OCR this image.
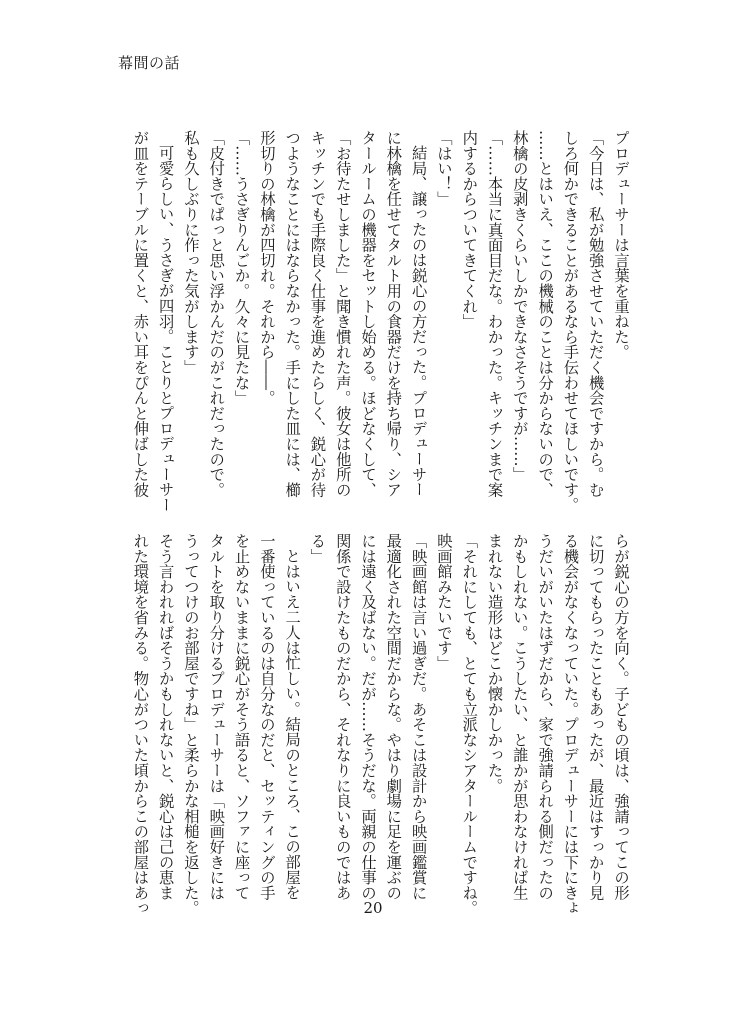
幕間の話
プロデューサーは言葉を重ねた。
「今日は、私が勉強させていただく機会ですから。む
しろ何かできることがあるなら手伝わせてほしいです。
……とはいえ、ここの機械のことは分からないので、
林檎の皮剥きくらいしかできなさそうですが……」
「……本当に真面目だな。わかった。キッチンまで案
内するからついてきてくれ」
「はい！」
結局、譲ったのは鋭心の方だった。プロデューサー
に林檎を任せてタルト用の食器だけを持ち帰り、シア
タールームの機器をセットし始める。ほどなくして、
「お待たせしました」と聞き慣れた声。彼女は他所の
キッチンでも手際良く仕事を進めたらしく、鋭心が待
つようなことにはならなかった。手にした皿には、櫛
形切りの林檎が四切れ。それから――。
「……うさぎりんごか。久々に見たな」
「皮付きでぱっと思い浮かんだのがこれだったので。
私も久しぶりに作った気がします」
可愛らしい、うさぎが四羽。ことりとプロデューサー
が皿をテーブルに置くと、赤い耳をぴんと伸ばした彼
らが鋭心の方を向く。子どもの頃は、強請ってこの形
に切ってもらったこともあったが、最近はすっかり見
る機会がなくなっていた。プロデューサーには下にきょ
うだいがいたはずだから、家で強請られる側だったの
かもしれない。こうしたい、と誰かが思わなければ生
まれない造形はどこか懐かしかった。
「それにしても、とても立派なシアタールームですね。
映画館みたいです」
「映画館は言い過ぎだ。あそこは設計から映画鑑賞に
最適化された空間だからな。やはり劇場に足を運ぶの
には遠く及ばない。だが……そうだな。両親の仕事の
関係で設けたものだから、それなりに良いものではあ
る」
とはいえ二人は忙しい。結局のところ、この部屋を
一番使っているのは自分なのだと、セッティングの手
を止めないままに鋭心がそう語ると、ソファに座って
タルトを取り分けるプロデューサーは「映画好きには
うってつけのお部屋ですね」と柔らかな相槌を返した。
そう言われればそうかもしれないと、鋭心は己の恵ま
れた環境を省みる。物心がついた頃からこの部屋はあっ	20
